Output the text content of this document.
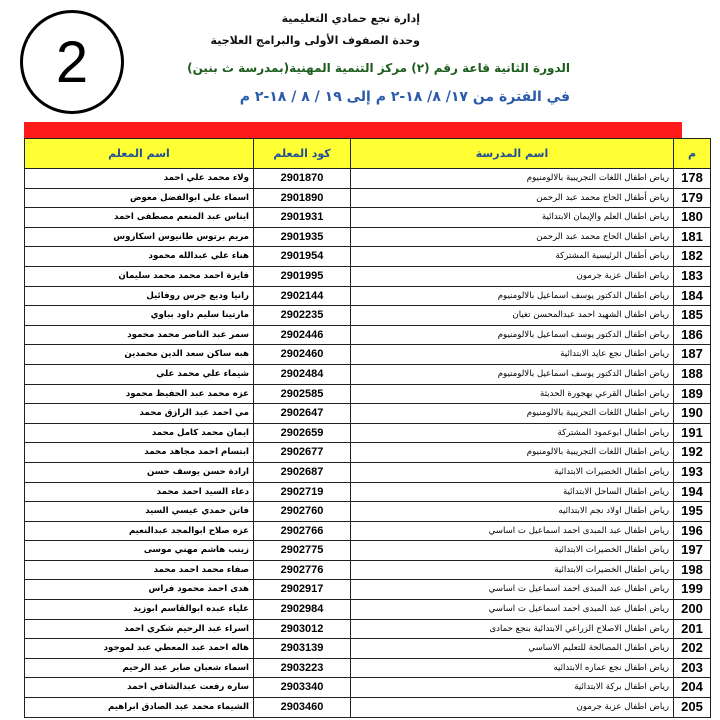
2
إدارة نجع حمادي التعليمية
وحدة الصفوف الأولى والبرامج العلاجية
الدورة الثانية قاعة رقم (٢) مركز التنمية المهنية(بمدرسة ث بنين)
في الفترة من ١٧/ ٨/ ١٨-٢ م إلى ١٩ / ٨ / ١٨-٢ م
م	اسم المدرسة	كود المعلم	اسم المعلم
178	رياض اطفال اللغات التجريبية بالالومنيوم	2901870	ولاء محمد علي احمد
179	رياض أطفال الحاج محمد عبد الرحمن	2901890	اسماء علي ابوالفضل معوض
180	رياض اطفال العلم والإيمان الابتدائية	2901931	ايناس عبد المنعم مصطفى احمد
181	رياض اطفال الحاج محمد عبد الرحمن	2901935	مريم برتوس طانيوس اسكاروس
182	رياض أطفال الرئيسية المشتركة	2901954	هناء علي عبدالله محمود
183	رياض اطفال عزبة جرمون	2901995	فايزة احمد محمد محمد سليمان
184	رياض اطفال الدكتور يوسف اسماعيل بالالومنيوم	2902144	رانيا وديع جرس روفائيل
185	رياض اطفال الشهيد احمد عبدالمحسن تغيان	2902235	مارتينا سليم داود بباوي
186	رياض اطفال الدكتور يوسف اسماعيل بالالومنيوم	2902446	سمر عبد الناصر محمد محمود
187	رياض اطفال نجع عايد الابتدائية	2902460	هبه ساكن سعد الدين محمدين
188	رياض اطفال الدكتور يوسف اسماعيل بالالومنيوم	2902484	شيماء علي محمد علي
189	رياض اطفال القرعي بهجورة الحديثة	2902585	عزه محمد عبد الحفيظ محمود
190	رياض اطفال اللغات التجريبية بالالومنيوم	2902647	مي احمد عبد الرازق محمد
191	رياض اطفال ابوعمود المشتركة	2902659	ايمان محمد كامل محمد
192	رياض اطفال اللغات التجريبية بالالومنيوم	2902677	ابتسام احمد مجاهد محمد
193	رياض اطفال الخضيرات الابتدائية	2902687	ارادة حسن يوسف حسن
194	رياض اطفال الساحل الابتدائية	2902719	دعاء السيد احمد محمد
195	رياض اطفال اولاد نجم الابتدائيه	2902760	فاتن حمدي عيسي السيد
196	رياض اطفال عبد المبدى احمد اسماعيل ت اساسي	2902766	عزه صلاح ابوالمجد عبدالنعيم
197	رياض اطفال الخضيرات الابتدائية	2902775	زينب هاشم مهني موسى
198	رياض اطفال الخضيرات الابتدائية	2902776	صفاء محمد احمد محمد
199	رياض اطفال عبد المبدى احمد اسماعيل ت اساسي	2902917	هدى احمد محمود فراس
200	رياض اطفال عبد المبدى احمد اسماعيل ت اساسي	2902984	علياء عبده ابوالقاسم ابوزيد
201	رياض اطفال الاصلاح الزراعي الابتدائية بنجع حمادى	2903012	اسراء عبد الرحيم شكري احمد
202	رياض اطفال المصالحة للتعليم الاساسي	2903139	هاله احمد عبد المعطي عبد لموجود
203	رياض اطفال نجع عماره الابتدائيه	2903223	اسماء شعبان صابر عبد الرحيم
204	رياض اطفال بركة الابتدائية	2903340	ساره رفعت عبدالشافي احمد
205	رياض اطفال عزبة جرمون	2903460	الشيماء محمد عبد الصادق ابراهيم
